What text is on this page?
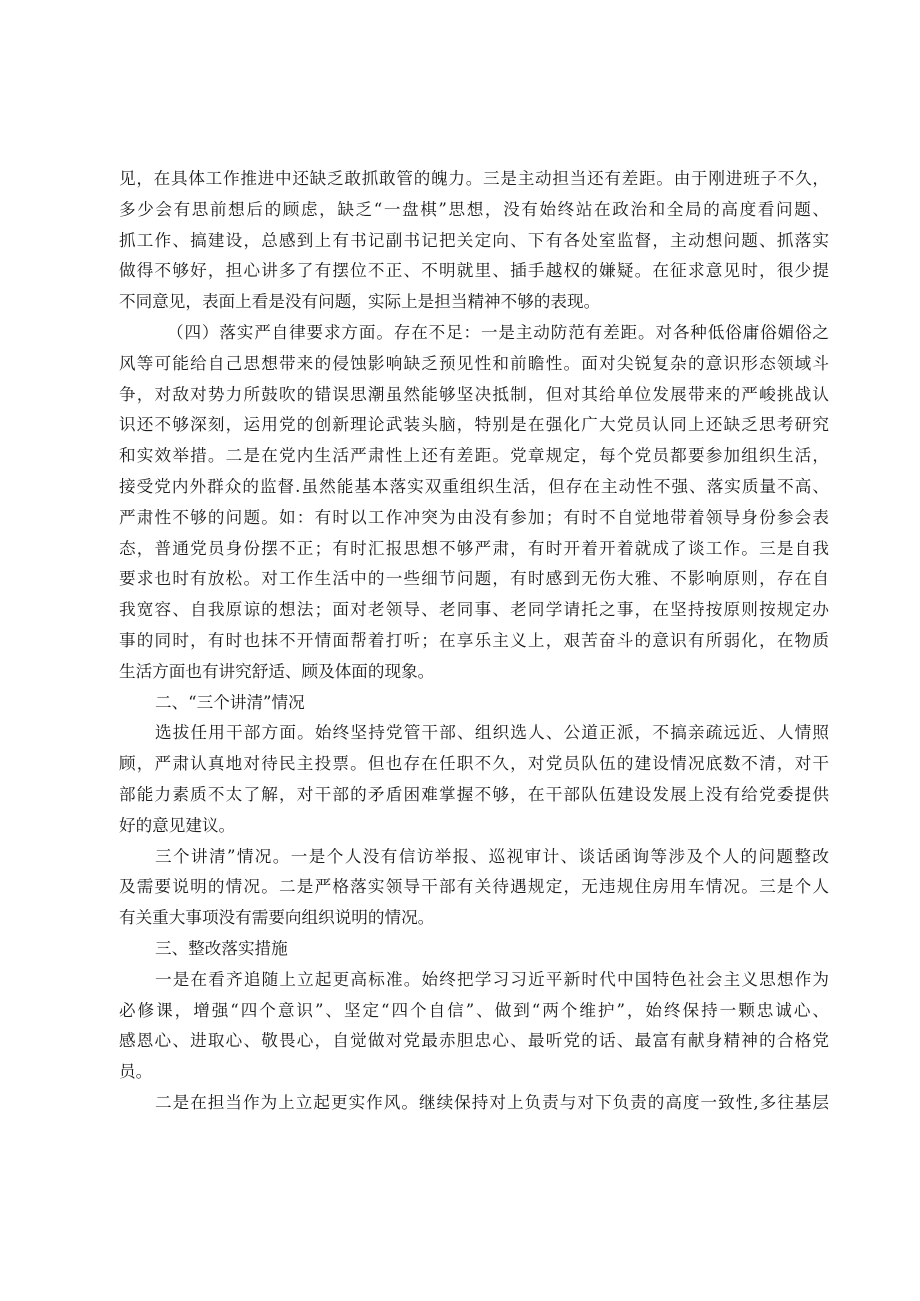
见，在具体工作推进中还缺乏敢抓敢管的魄力。三是主动担当还有差距。由于刚进班子不久，
多少会有思前想后的顾虑，缺乏“一盘棋”思想，没有始终站在政治和全局的高度看问题、
抓工作、搞建设，总感到上有书记副书记把关定向、下有各处室监督，主动想问题、抓落实
做得不够好，担心讲多了有摆位不正、不明就里、插手越权的嫌疑。在征求意见时，很少提
不同意见，表面上看是没有问题，实际上是担当精神不够的表现。
（四）落实严自律要求方面。存在不足：一是主动防范有差距。对各种低俗庸俗媚俗之
风等可能给自己思想带来的侵蚀影响缺乏预见性和前瞻性。面对尖锐复杂的意识形态领域斗
争，对敌对势力所鼓吹的错误思潮虽然能够坚决抵制，但对其给单位发展带来的严峻挑战认
识还不够深刻，运用党的创新理论武装头脑，特别是在强化广大党员认同上还缺乏思考研究
和实效举措。二是在党内生活严肃性上还有差距。党章规定，每个党员都要参加组织生活，
接受党内外群众的监督.虽然能基本落实双重组织生活，但存在主动性不强、落实质量不高、
严肃性不够的问题。如：有时以工作冲突为由没有参加；有时不自觉地带着领导身份参会表
态，普通党员身份摆不正；有时汇报思想不够严肃，有时开着开着就成了谈工作。三是自我
要求也时有放松。对工作生活中的一些细节问题，有时感到无伤大雅、不影响原则，存在自
我宽容、自我原谅的想法；面对老领导、老同事、老同学请托之事，在坚持按原则按规定办
事的同时，有时也抹不开情面帮着打听；在享乐主义上，艰苦奋斗的意识有所弱化，在物质
生活方面也有讲究舒适、顾及体面的现象。
二、“三个讲清”情况
选拔任用干部方面。始终坚持党管干部、组织选人、公道正派，不搞亲疏远近、人情照
顾，严肃认真地对待民主投票。但也存在任职不久，对党员队伍的建设情况底数不清，对干
部能力素质不太了解，对干部的矛盾困难掌握不够，在干部队伍建设发展上没有给党委提供
好的意见建议。
三个讲清”情况。一是个人没有信访举报、巡视审计、谈话函询等涉及个人的问题整改
及需要说明的情况。二是严格落实领导干部有关待遇规定，无违规住房用车情况。三是个人
有关重大事项没有需要向组织说明的情况。
三、整改落实措施
一是在看齐追随上立起更高标准。始终把学习习近平新时代中国特色社会主义思想作为
必修课，增强“四个意识”、坚定“四个自信”、做到“两个维护”，始终保持一颗忠诚心、
感恩心、进取心、敬畏心，自觉做对党最赤胆忠心、最听党的话、最富有献身精神的合格党
员。
二是在担当作为上立起更实作风。继续保持对上负责与对下负责的高度一致性,多往基层
